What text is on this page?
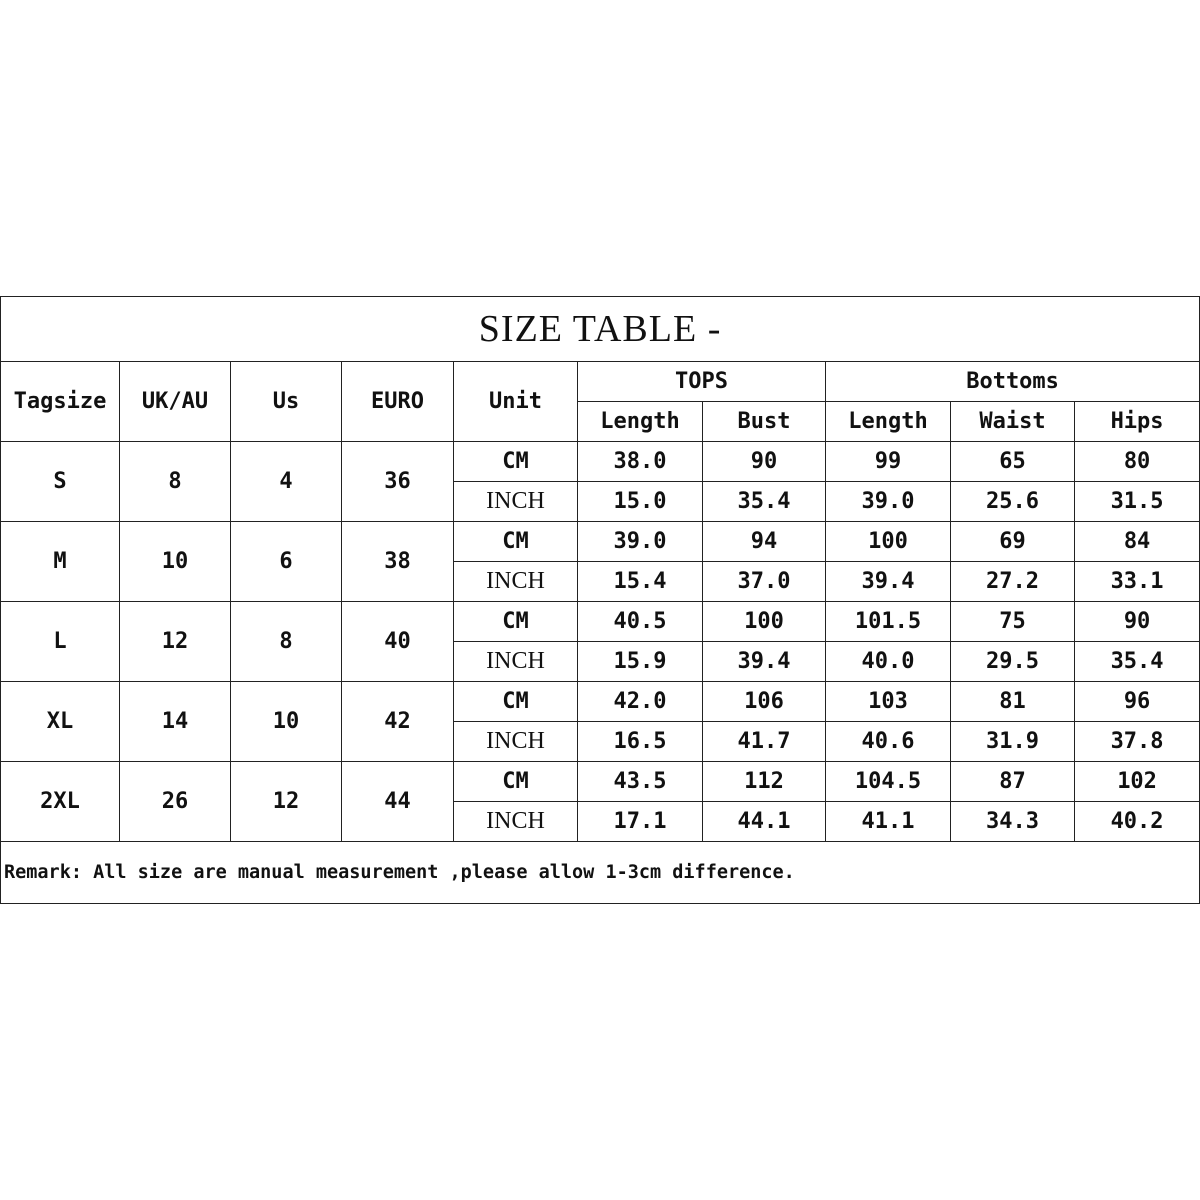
SIZE TABLE -									
Tagsize	UK/AU	Us	EURO	Unit	TOPS		Bottoms		
					Length	Bust	Length	Waist	Hips
S	8	4	36	CM	38.0	90	99	65	80
				INCH	15.0	35.4	39.0	25.6	31.5
M	10	6	38	CM	39.0	94	100	69	84
				INCH	15.4	37.0	39.4	27.2	33.1
L	12	8	40	CM	40.5	100	101.5	75	90
				INCH	15.9	39.4	40.0	29.5	35.4
XL	14	10	42	CM	42.0	106	103	81	96
				INCH	16.5	41.7	40.6	31.9	37.8
2XL	26	12	44	CM	43.5	112	104.5	87	102
				INCH	17.1	44.1	41.1	34.3	40.2
Remark: All size are manual measurement ,please allow 1-3cm difference.									
